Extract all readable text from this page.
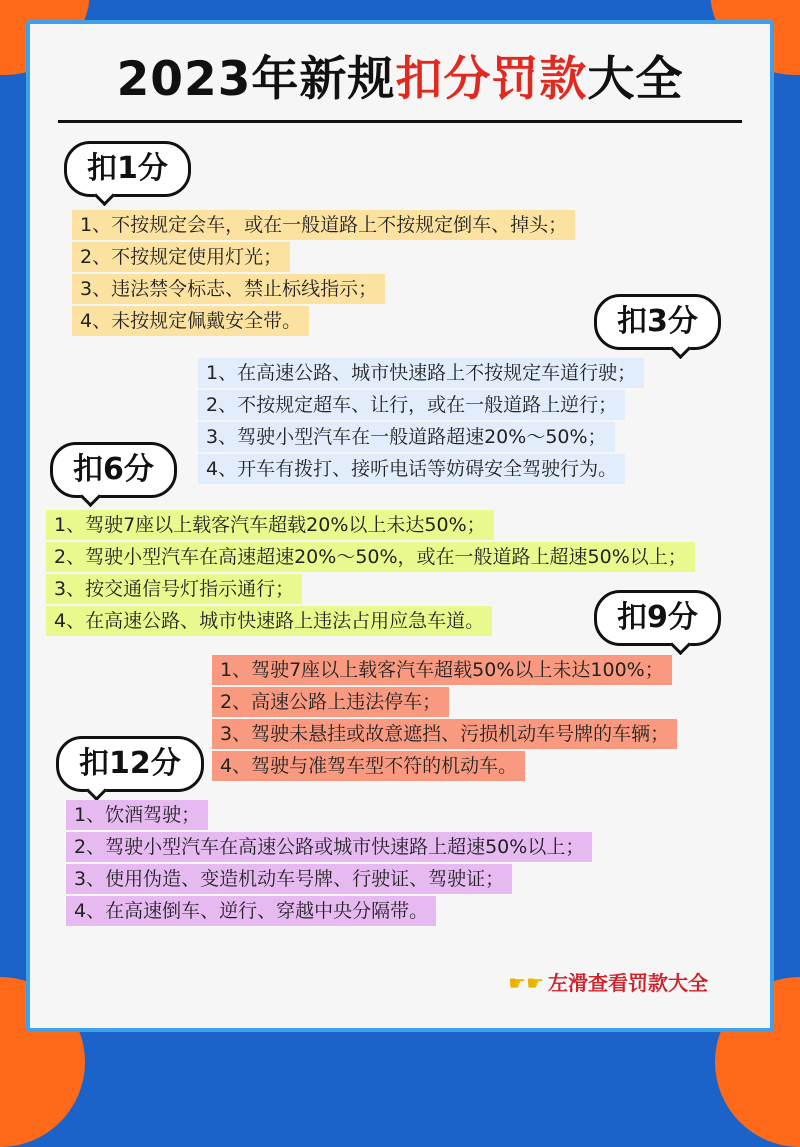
2023年新规扣分罚款大全
扣1分
1、不按规定会车，或在一般道路上不按规定倒车、掉头；
2、不按规定使用灯光；
3、违法禁令标志、禁止标线指示；
4、未按规定佩戴安全带。	扣3分
1、在高速公路、城市快速路上不按规定车道行驶；
2、不按规定超车、让行，或在一般道路上逆行；
3、驾驶小型汽车在一般道路超速20%～50%；
4、开车有拨打、接听电话等妨碍安全驾驶行为。
扣6分
1、驾驶7座以上载客汽车超载20%以上未达50%；
2、驾驶小型汽车在高速超速20%～50%，或在一般道路上超速50%以上；
3、按交通信号灯指示通行；
4、在高速公路、城市快速路上违法占用应急车道。	扣9分
1、驾驶7座以上载客汽车超载50%以上未达100%；
2、高速公路上违法停车；
3、驾驶未悬挂或故意遮挡、污损机动车号牌的车辆；
4、驾驶与准驾车型不符的机动车。
扣12分
1、饮酒驾驶；
2、驾驶小型汽车在高速公路或城市快速路上超速50%以上；
3、使用伪造、变造机动车号牌、行驶证、驾驶证；
4、在高速倒车、逆行、穿越中央分隔带。
☛☛ 左滑查看罚款大全
